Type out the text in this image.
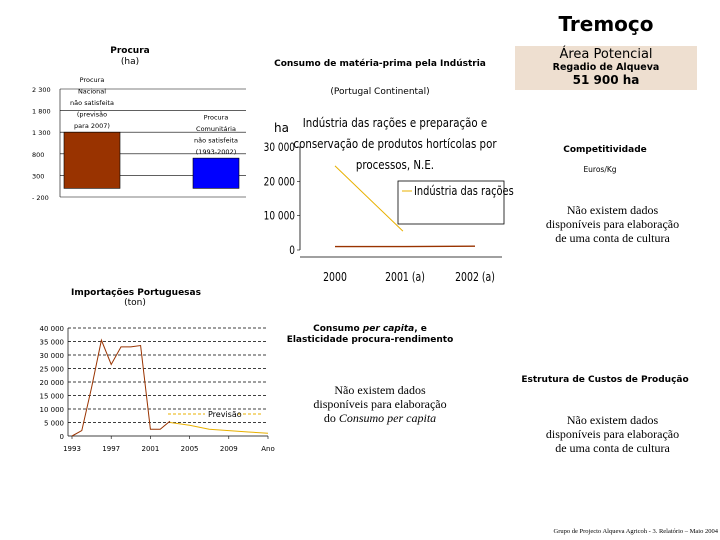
Tremoço
Área Potencial
Regadio de Alqueva
51 900 ha
Procura
(ha)
2 300
1 800
1 300
800
300
- 200
Procura
Nacional
não satisfeita
(previsão
para 2007)
Procura
Comunitária
não satisfeita
(1993-2002)
Consumo de matéria-prima pela Indústria
(Portugal Continental)
Indústria das rações e preparação e
conservação de produtos hortícolas por
processos, N.E.
ha
30 000
20 000
10 000
0
2000	2001 (a)	2002 (a)
Indústria das rações
Competitividade
Euros/Kg
Não existem dados
disponíveis para elaboração
de uma conta de cultura
Importações Portuguesas
(ton)
40 000
35 000
30 000
25 000
20 000
15 000
10 000
5 000
0
1993	1997	2001	2005	2009	Ano
Previsão
Consumo per capita, e
Elasticidade procura-rendimento
Não existem dados
disponíveis para elaboração
do Consumo per capita
Estrutura de Custos de Produção
Não existem dados
disponíveis para elaboração
de uma conta de cultura
Grupo de Projecto Alqueva Agricoh - 3. Relatório – Maio 2004
